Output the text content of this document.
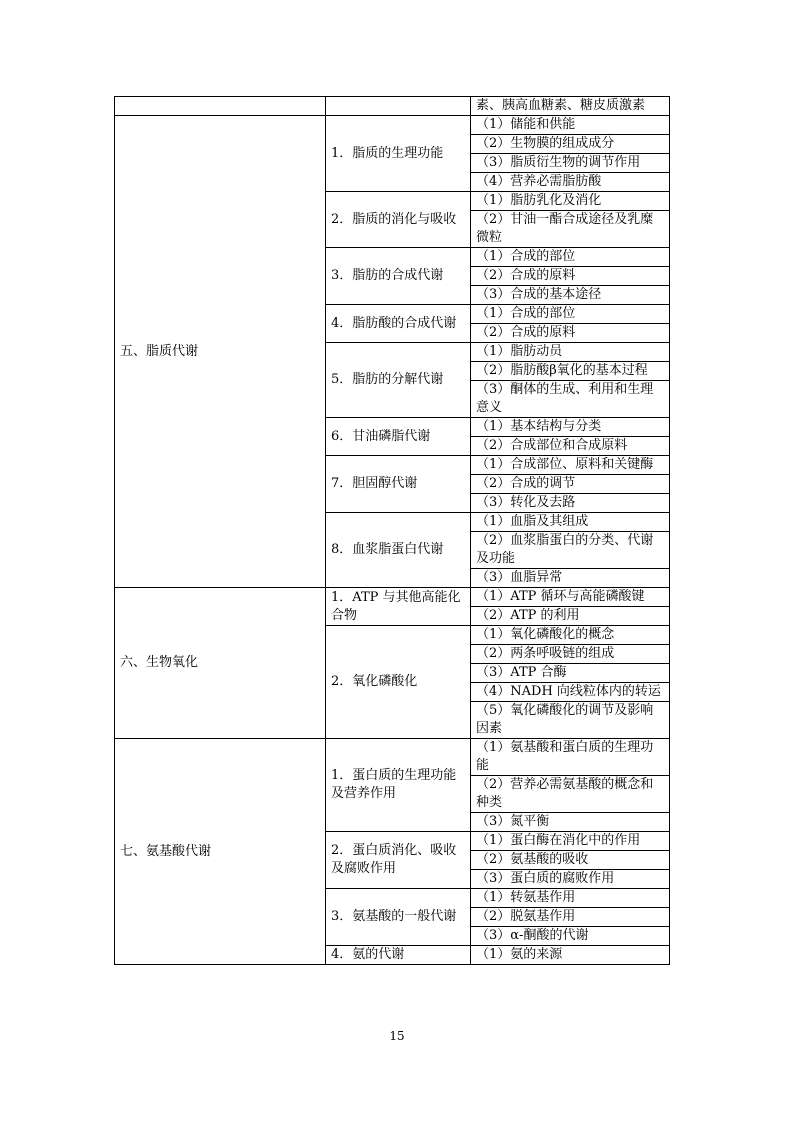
		素、胰高血糖素、糖皮质激素
五、脂质代谢	1．脂质的生理功能	（1）储能和供能
		（2）生物膜的组成成分
		（3）脂质衍生物的调节作用
		（4）营养必需脂肪酸
	2．脂质的消化与吸收	（1）脂肪乳化及消化
		（2）甘油一酯合成途径及乳糜微粒
	3．脂肪的合成代谢	（1）合成的部位
		（2）合成的原料
		（3）合成的基本途径
	4．脂肪酸的合成代谢	（1）合成的部位
		（2）合成的原料
	5．脂肪的分解代谢	（1）脂肪动员
		（2）脂肪酸β氧化的基本过程
		（3）酮体的生成、利用和生理意义
	6．甘油磷脂代谢	（1）基本结构与分类
		（2）合成部位和合成原料
	7．胆固醇代谢	（1）合成部位、原料和关键酶
		（2）合成的调节
		（3）转化及去路
	8．血浆脂蛋白代谢	（1）血脂及其组成
		（2）血浆脂蛋白的分类、代谢及功能
		（3）血脂异常
六、生物氧化	1．ATP 与其他高能化合物	（1）ATP 循环与高能磷酸键
		（2）ATP 的利用
	2．氧化磷酸化	（1）氧化磷酸化的概念
		（2）两条呼吸链的组成
		（3）ATP 合酶
		（4）NADH 向线粒体内的转运
		（5）氧化磷酸化的调节及影响因素
七、氨基酸代谢	1．蛋白质的生理功能及营养作用	（1）氨基酸和蛋白质的生理功能
		（2）营养必需氨基酸的概念和种类
		（3）氮平衡
	2．蛋白质消化、吸收及腐败作用	（1）蛋白酶在消化中的作用
		（2）氨基酸的吸收
		（3）蛋白质的腐败作用
	3．氨基酸的一般代谢	（1）转氨基作用
		（2）脱氨基作用
		（3）α-酮酸的代谢
	4．氨的代谢	（1）氨的来源
15
